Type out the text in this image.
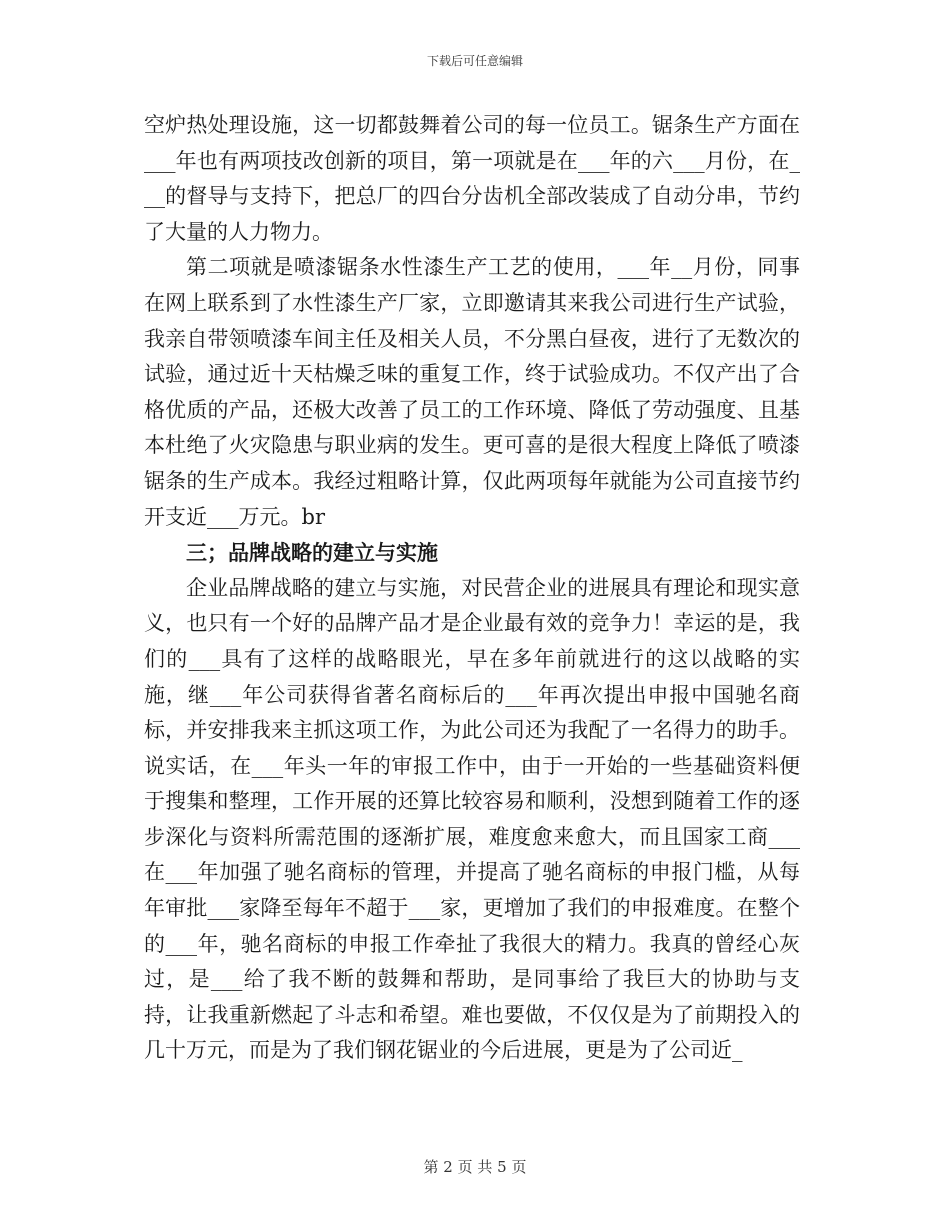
下载后可任意编辑

空炉热处理设施，这一切都鼓舞着公司的每一位员工。锯条生产方面在___年也有两项技改创新的项目，第一项就是在___年的六___月份，在___的督导与支持下，把总厂的四台分齿机全部改装成了自动分串，节约了大量的人力物力。

第二项就是喷漆锯条水性漆生产工艺的使用，___年__月份，同事在网上联系到了水性漆生产厂家，立即邀请其来我公司进行生产试验，我亲自带领喷漆车间主任及相关人员，不分黑白昼夜，进行了无数次的试验，通过近十天枯燥乏味的重复工作，终于试验成功。不仅产出了合格优质的产品，还极大改善了员工的工作环境、降低了劳动强度、且基本杜绝了火灾隐患与职业病的发生。更可喜的是很大程度上降低了喷漆锯条的生产成本。我经过粗略计算，仅此两项每年就能为公司直接节约开支近___万元。br

三；品牌战略的建立与实施

企业品牌战略的建立与实施，对民营企业的进展具有理论和现实意义，也只有一个好的品牌产品才是企业最有效的竞争力！幸运的是，我们的___具有了这样的战略眼光，早在多年前就进行的这以战略的实施，继___年公司获得省著名商标后的___年再次提出申报中国驰名商标，并安排我来主抓这项工作，为此公司还为我配了一名得力的助手。说实话，在___年头一年的审报工作中，由于一开始的一些基础资料便于搜集和整理，工作开展的还算比较容易和顺利，没想到随着工作的逐步深化与资料所需范围的逐渐扩展，难度愈来愈大，而且国家工商___在___年加强了驰名商标的管理，并提高了驰名商标的申报门槛，从每年审批___家降至每年不超于___家，更增加了我们的申报难度。在整个的___年，驰名商标的申报工作牵扯了我很大的精力。我真的曾经心灰过，是___给了我不断的鼓舞和帮助，是同事给了我巨大的协助与支持，让我重新燃起了斗志和希望。难也要做，不仅仅是为了前期投入的几十万元，而是为了我们钢花锯业的今后进展，更是为了公司近_

第 2 页 共 5 页
